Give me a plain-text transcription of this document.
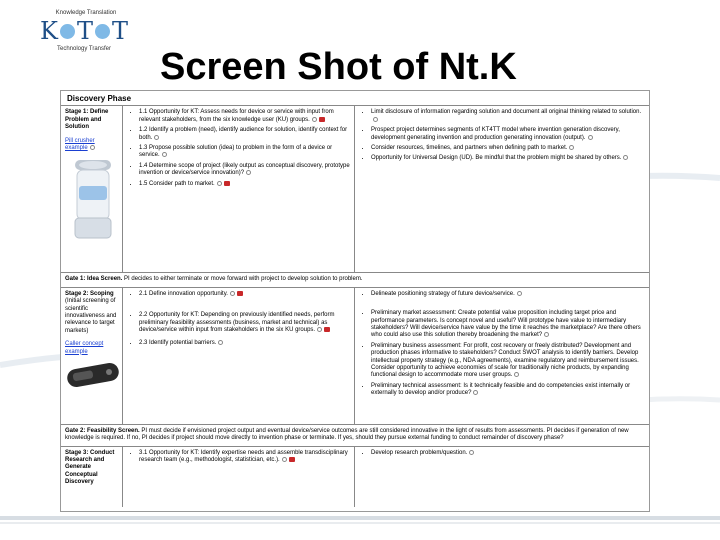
Knowledge Translation
K T T
Technology Transfer	Screen Shot of Nt.K
Discovery Phase
Stage 1: Define Problem and Solution
Pill crusher example
• 1.1 Opportunity for KT: Assess needs for device or service with input from relevant stakeholders, from the six knowledge user (KU) groups.
• 1.2 Identify a problem (need), identify audience for solution, identify context for both.
• 1.3 Propose possible solution (idea) to problem in the form of a device or service.
• 1.4 Determine scope of project (likely output as conceptual discovery, prototype invention or device/service innovation)?
• 1.5 Consider path to market.
• Limit disclosure of information regarding solution and document all original thinking related to solution.
• Prospect project determines segments of KT4TT model where invention generation discovery, development generating invention and production generating innovation (output).
• Consider resources, timelines, and partners when defining path to market.
• Opportunity for Universal Design (UD). Be mindful that the problem might be shared by others.
Gate 1: Idea Screen. PI decides to either terminate or move forward with project to develop solution to problem.
Stage 2: Scoping
(Initial screening of scientific innovativeness and relevance to target markets)
Caller concept example
• 2.1 Define innovation opportunity.
• 2.2 Opportunity for KT: Depending on previously identified needs, perform preliminary feasibility assessments (business, market and technical) as device/service within input from stakeholders in the six KU groups.
• 2.3 Identify potential barriers.
• Delineate positioning strategy of future device/service.
• Preliminary market assessment: Create potential value proposition including target price and performance parameters. Is concept novel and useful? Will prototype have value to intermediary stakeholders? Will device/service have value by the time it reaches the marketplace? Are there others who could also use this solution thereby broadening the market?
• Preliminary business assessment: For profit, cost recovery or freely distributed? Development and production phases informative to stakeholders? Conduct SWOT analysis to identify barriers. Develop intellectual property strategy (e.g., NDA agreements), examine regulatory and reimbursement issues. Consider opportunity to achieve economies of scale for traditionally niche products, by expanding functional design to accommodate more user groups.
• Preliminary technical assessment: Is it technically feasible and do competencies exist internally or externally to develop and/or produce?
Gate 2: Feasibility Screen. PI must decide if envisioned project output and eventual device/service outcomes are still considered innovative in the light of results from assessments. PI decides if generation of new knowledge is required. If no, PI decides if project should move directly to invention phase or terminate. If yes, should they pursue external funding to conduct remainder of discovery phase?
Stage 3: Conduct Research and Generate Conceptual Discovery
• 3.1 Opportunity for KT: Identify expertise needs and assemble transdisciplinary research team (e.g., methodologist, statistician, etc.).
• Develop research problem/question.
